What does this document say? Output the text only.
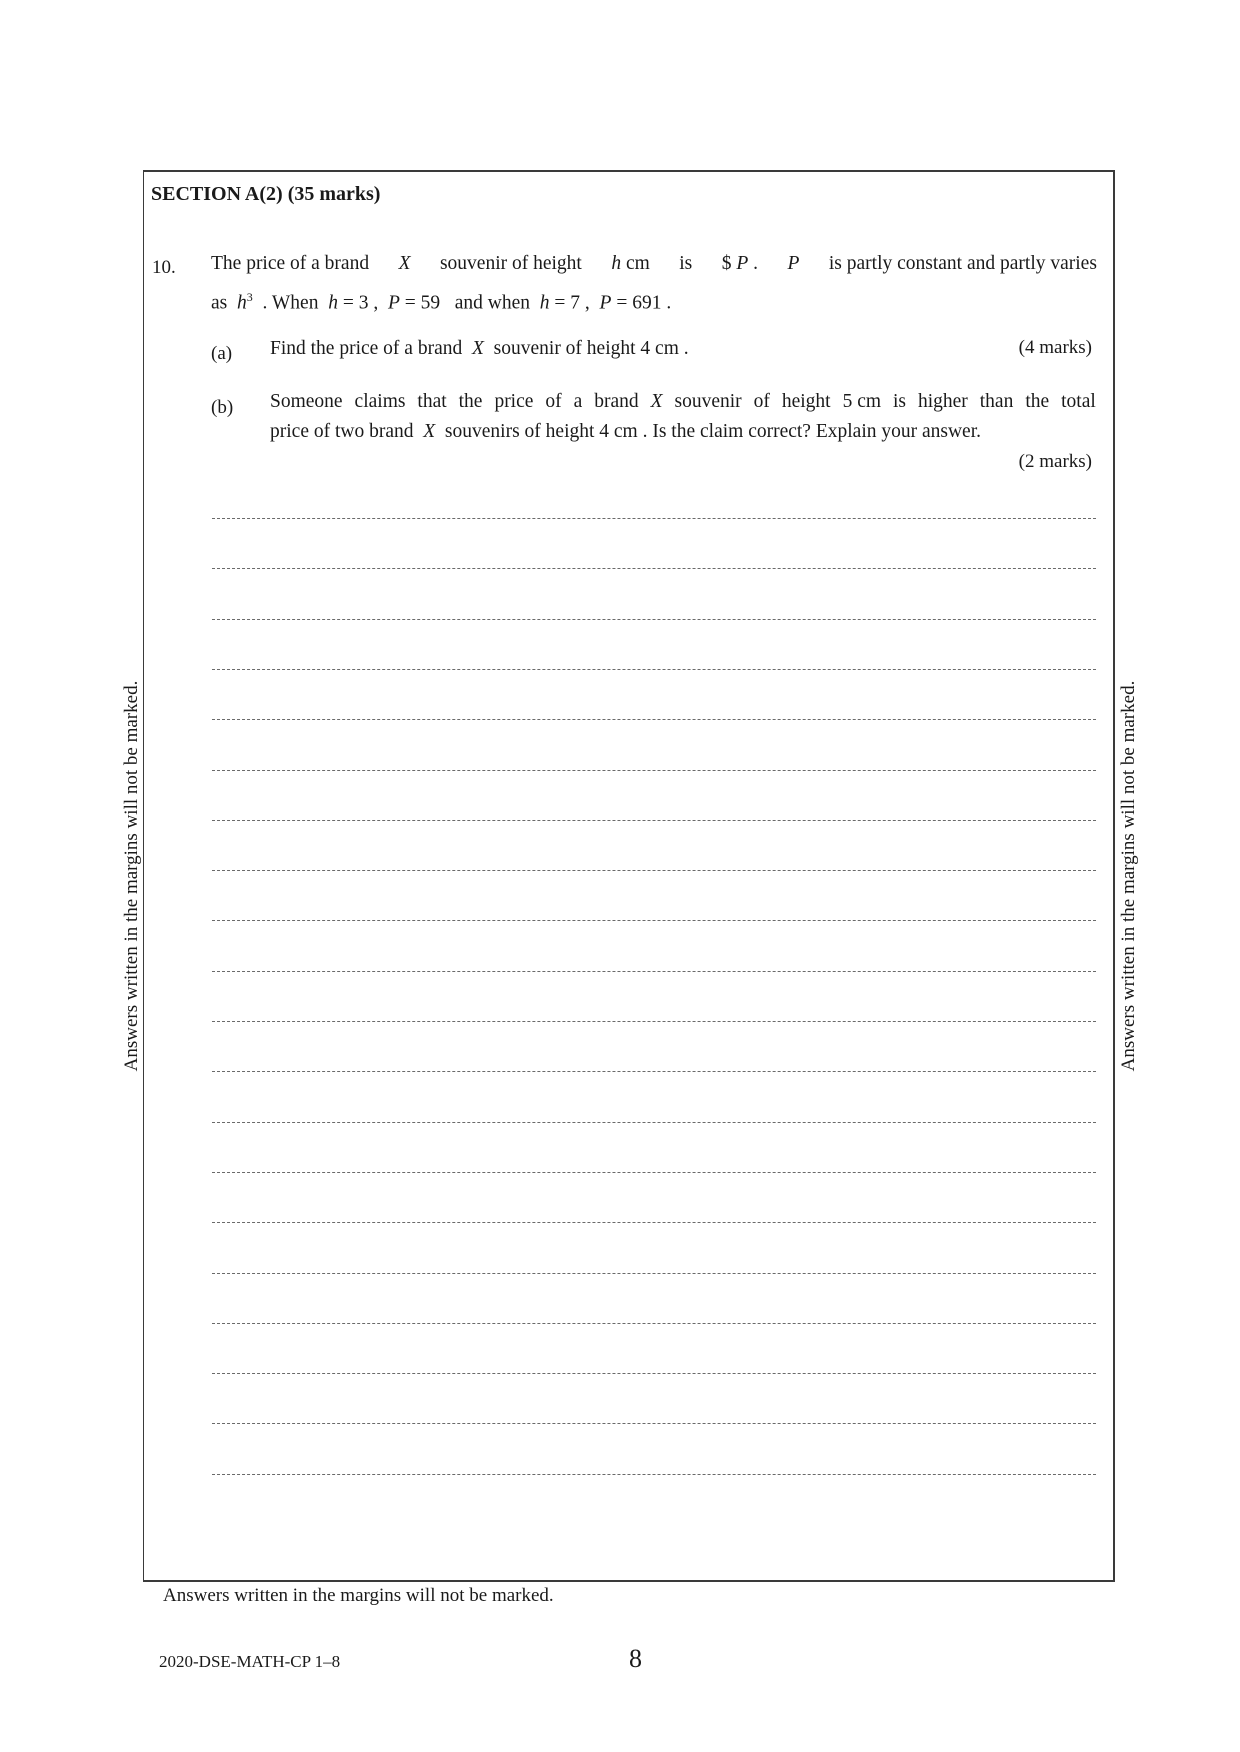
SECTION A(2) (35 marks)
10. The price of a brand X souvenir of height h cm is $ P . P is partly constant and partly varies
as $h^3$ . When h = 3 , P = 59 and when h = 7 , P = 691 .
(a) Find the price of a brand X souvenir of height 4 cm .	(4 marks)
(b) Someone claims that the price of a brand X souvenir of height 5 cm is higher than the total
price of two brand X souvenirs of height 4 cm . Is the claim correct? Explain your answer.
(2 marks)
Answers written in the margins will not be marked.	Answers written in the margins will not be marked.
Answers written in the margins will not be marked.
2020-DSE-MATH-CP 1–8	8
